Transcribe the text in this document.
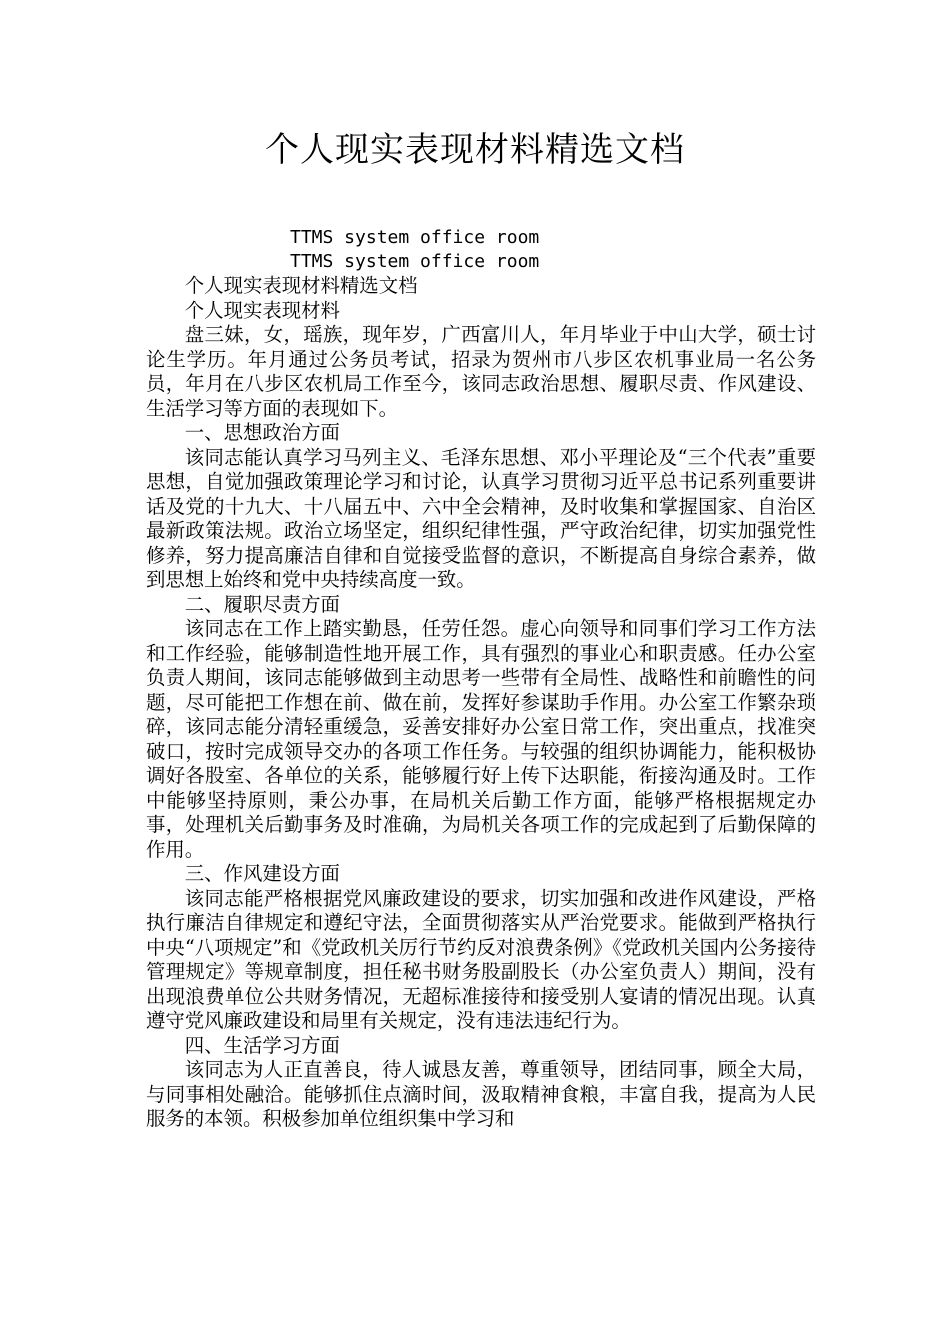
个人现实表现材料精选文档
TTMS system office room
TTMS system office room

个人现实表现材料精选文档

个人现实表现材料

盘三妹，女，瑶族，现年岁，广西富川人，年月毕业于中山大学，硕士讨论生学历。年月通过公务员考试，招录为贺州市八步区农机事业局一名公务员，年月在八步区农机局工作至今，该同志政治思想、履职尽责、作风建设、生活学习等方面的表现如下。

一、思想政治方面

该同志能认真学习马列主义、毛泽东思想、邓小平理论及“三个代表”重要思想，自觉加强政策理论学习和讨论，认真学习贯彻习近平总书记系列重要讲话及党的十九大、十八届五中、六中全会精神，及时收集和掌握国家、自治区最新政策法规。政治立场坚定，组织纪律性强，严守政治纪律，切实加强党性修养，努力提高廉洁自律和自觉接受监督的意识，不断提高自身综合素养，做到思想上始终和党中央持续高度一致。

二、履职尽责方面

该同志在工作上踏实勤恳，任劳任怨。虚心向领导和同事们学习工作方法和工作经验，能够制造性地开展工作，具有强烈的事业心和职责感。任办公室负责人期间，该同志能够做到主动思考一些带有全局性、战略性和前瞻性的问题，尽可能把工作想在前、做在前，发挥好参谋助手作用。办公室工作繁杂琐碎，该同志能分清轻重缓急，妥善安排好办公室日常工作，突出重点，找准突破口，按时完成领导交办的各项工作任务。与较强的组织协调能力，能积极协调好各股室、各单位的关系，能够履行好上传下达职能，衔接沟通及时。工作中能够坚持原则，秉公办事，在局机关后勤工作方面，能够严格根据规定办事，处理机关后勤事务及时准确，为局机关各项工作的完成起到了后勤保障的作用。

三、作风建设方面

该同志能严格根据党风廉政建设的要求，切实加强和改进作风建设，严格执行廉洁自律规定和遵纪守法，全面贯彻落实从严治党要求。能做到严格执行中央“八项规定”和《党政机关厉行节约反对浪费条例》《党政机关国内公务接待管理规定》等规章制度，担任秘书财务股副股长（办公室负责人）期间，没有出现浪费单位公共财务情况，无超标准接待和接受别人宴请的情况出现。认真遵守党风廉政建设和局里有关规定，没有违法违纪行为。

四、生活学习方面

该同志为人正直善良，待人诚恳友善，尊重领导，团结同事，顾全大局，与同事相处融洽。能够抓住点滴时间，汲取精神食粮，丰富自我，提高为人民服务的本领。积极参加单位组织集中学习和
